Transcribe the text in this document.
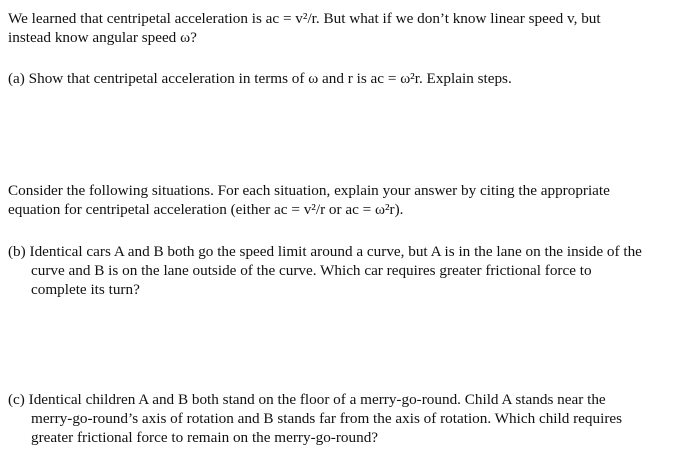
We learned that centripetal acceleration is ac = v²/r. But what if we don’t know linear speed v, but
instead know angular speed ω?
(a) Show that centripetal acceleration in terms of ω and r is ac = ω²r. Explain steps.
Consider the following situations. For each situation, explain your answer by citing the appropriate
equation for centripetal acceleration (either ac = v²/r or ac = ω²r).
(b) Identical cars A and B both go the speed limit around a curve, but A is in the lane on the inside of the
curve and B is on the lane outside of the curve. Which car requires greater frictional force to
complete its turn?
(c) Identical children A and B both stand on the floor of a merry-go-round. Child A stands near the
merry-go-round’s axis of rotation and B stands far from the axis of rotation. Which child requires
greater frictional force to remain on the merry-go-round?
